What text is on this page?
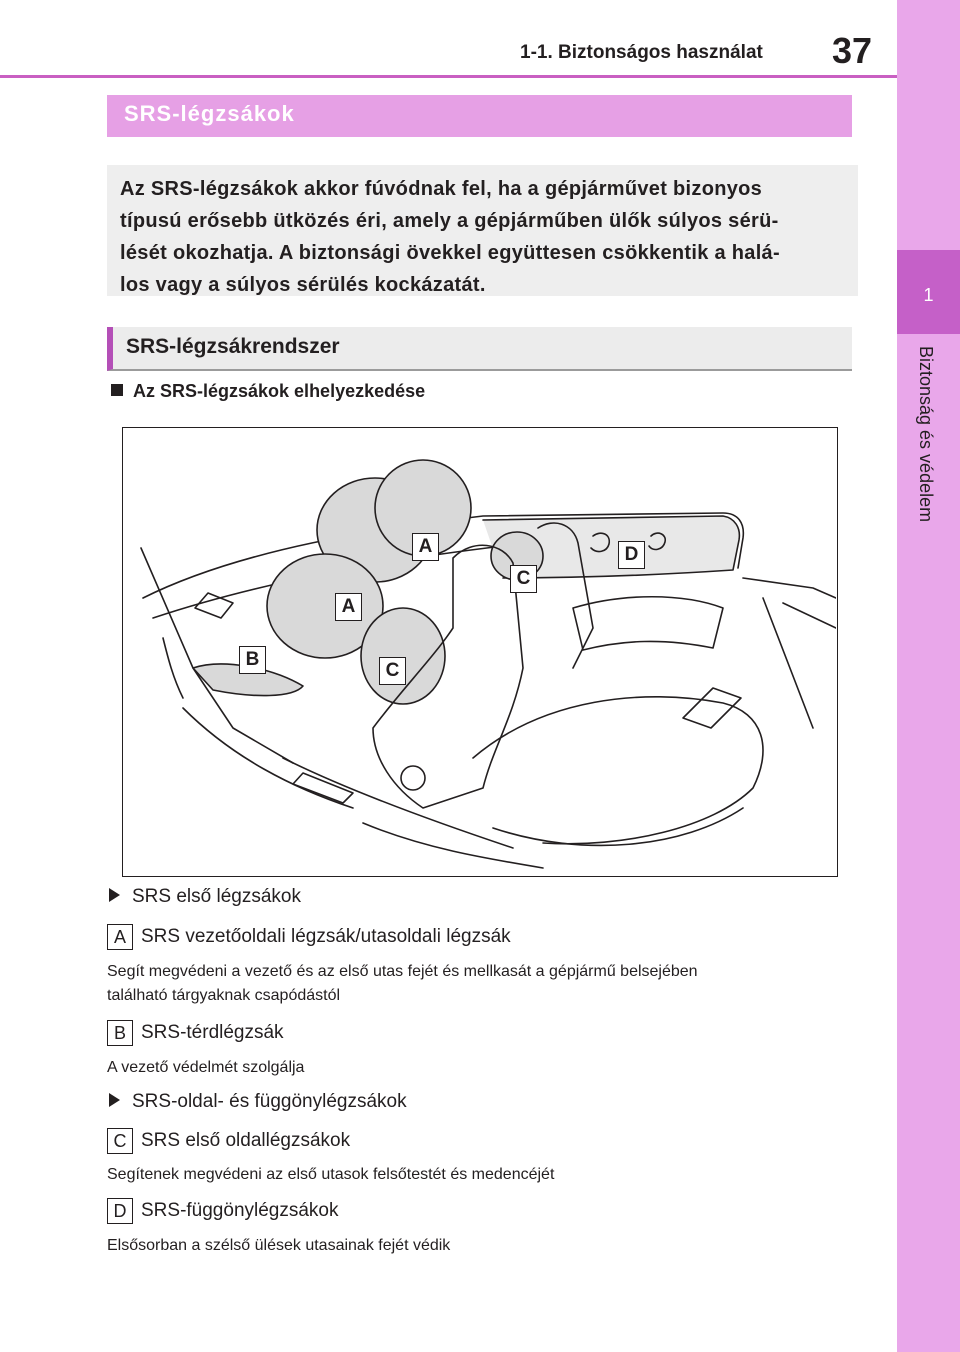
1-1. Biztonságos használat 37
1
Biztonság és védelem
SRS-légzsákok
Az SRS-légzsákok akkor fúvódnak fel, ha a gépjárművet bizonyos
típusú erősebb ütközés éri, amely a gépjárműben ülők súlyos sérü-
lését okozhatja. A biztonsági övekkel együttesen csökkentik a halá-
los vagy a súlyos sérülés kockázatát.
SRS-légzsákrendszer
Az SRS-légzsákok elhelyezkedése
A
A
B
C
C
D
SRS első légzsákok
A SRS vezetőoldali légzsák/utasoldali légzsák
Segít megvédeni a vezető és az első utas fejét és mellkasát a gépjármű belsejében
található tárgyaknak csapódástól
B SRS-térdlégzsák
A vezető védelmét szolgálja
SRS-oldal- és függönylégzsákok
C SRS első oldallégzsákok
Segítenek megvédeni az első utasok felsőtestét és medencéjét
D SRS-függönylégzsákok
Elsősorban a szélső ülések utasainak fejét védik
